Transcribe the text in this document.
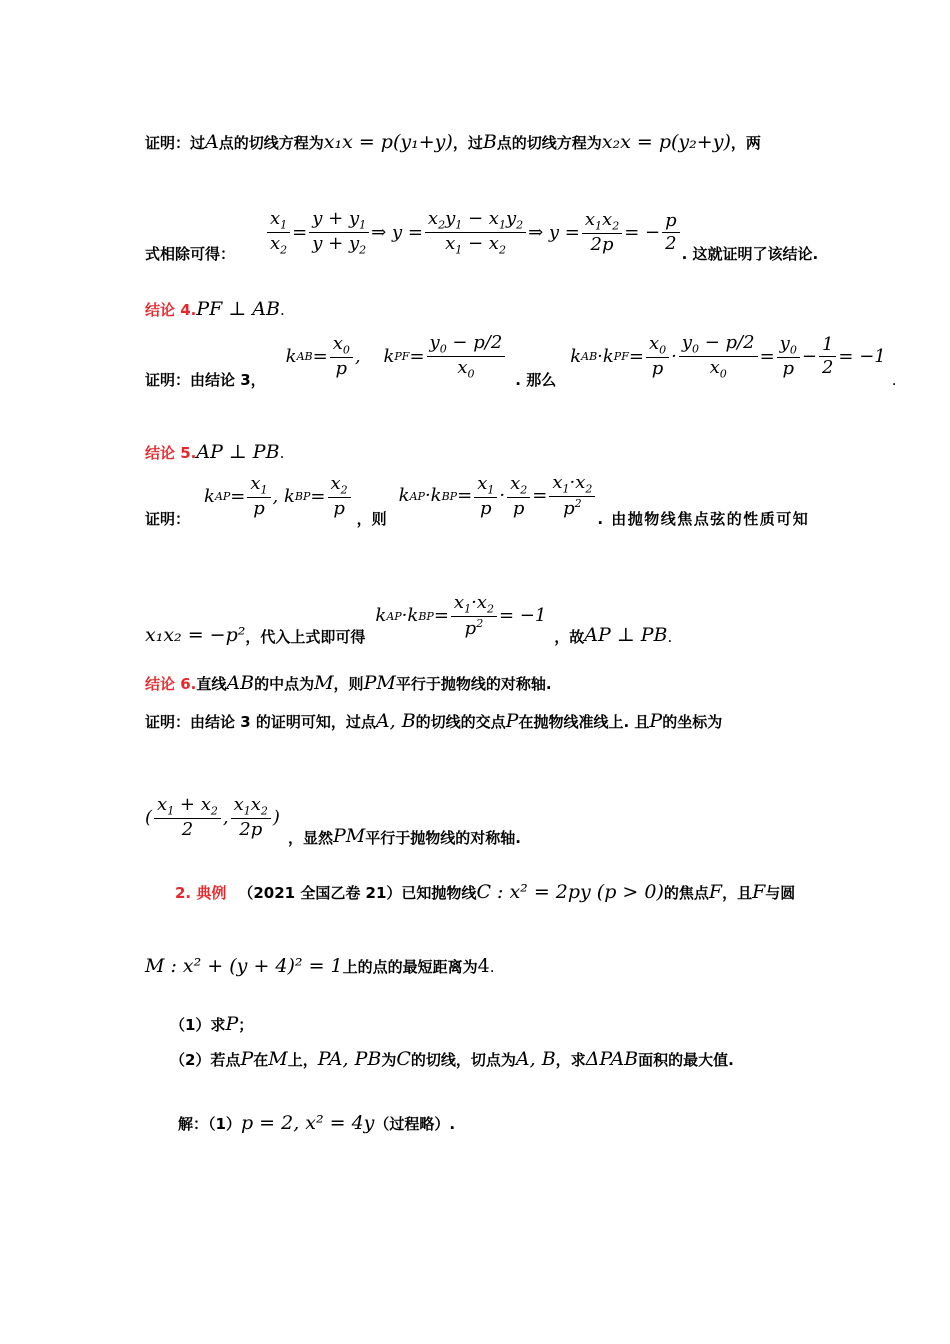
证明：过A点的切线方程为x₁x = p(y₁+y)，过B点的切线方程为x₂x = p(y₂+y)，两
式相除可得： $\frac{x_1}{x_2} = \frac{y + y_1}{y + y_2}$ ⇒ $y = \frac{x_2y_1 - x_1y_2}{x_1 - x_2}$ ⇒ $y = \frac{x_1x_2}{2p}$ = − $\frac{p}{2}$ . 这就证明了该结论.
结论 4.PF ⊥ AB.
证明：由结论 3，
k AB = $\frac{x_0}{p}$ ,    k PF = $\frac{y_0 - p/2}{x_0}$ . 那么
k AB ·k PF = $\frac{x_0}{p} \cdot \frac{y_0 - p/2}{x_0} = \frac{y_0}{p} - \frac{1}{2} = -1$
.
结论 5.AP ⊥ PB.
证明：
k AP = $\frac{x_1}{p}$ , k BP = $\frac{x_2}{p}$ ，则
k AP ·k BP = $\frac{x_1}{p} \cdot \frac{x_2}{p} = \frac{x_1\cdot x_2}{p^2}$ . 由抛物线焦点弦的性质可知
x₁x₂ = −p² ，代入上式即可得
k AP ·k BP = $\frac{x_1\cdot x_2}{p^2} = -1$
，故 AP ⊥ PB .
结论 6.直线AB的中点为M，则PM平行于抛物线的对称轴.
证明：由结论 3 的证明可知，过点A, B的切线的交点P在抛物线准线上. 且P的坐标为
( $\frac{x_1 + x_2}{2}$ , $\frac{x_1x_2}{2p}$ )
，显然 PM 平行于抛物线的对称轴.
2. 典例 （2021 全国乙卷 21）已知抛物线C : x² = 2py (p > 0)的焦点F，且F与圆
M : x² + (y + 4)² = 1上的点的最短距离为4.
（1）求P；
（2）若点P在M上，PA, PB为C的切线，切点为A, B，求ΔPAB面积的最大值.
解：（1）p = 2, x² = 4y（过程略）.
